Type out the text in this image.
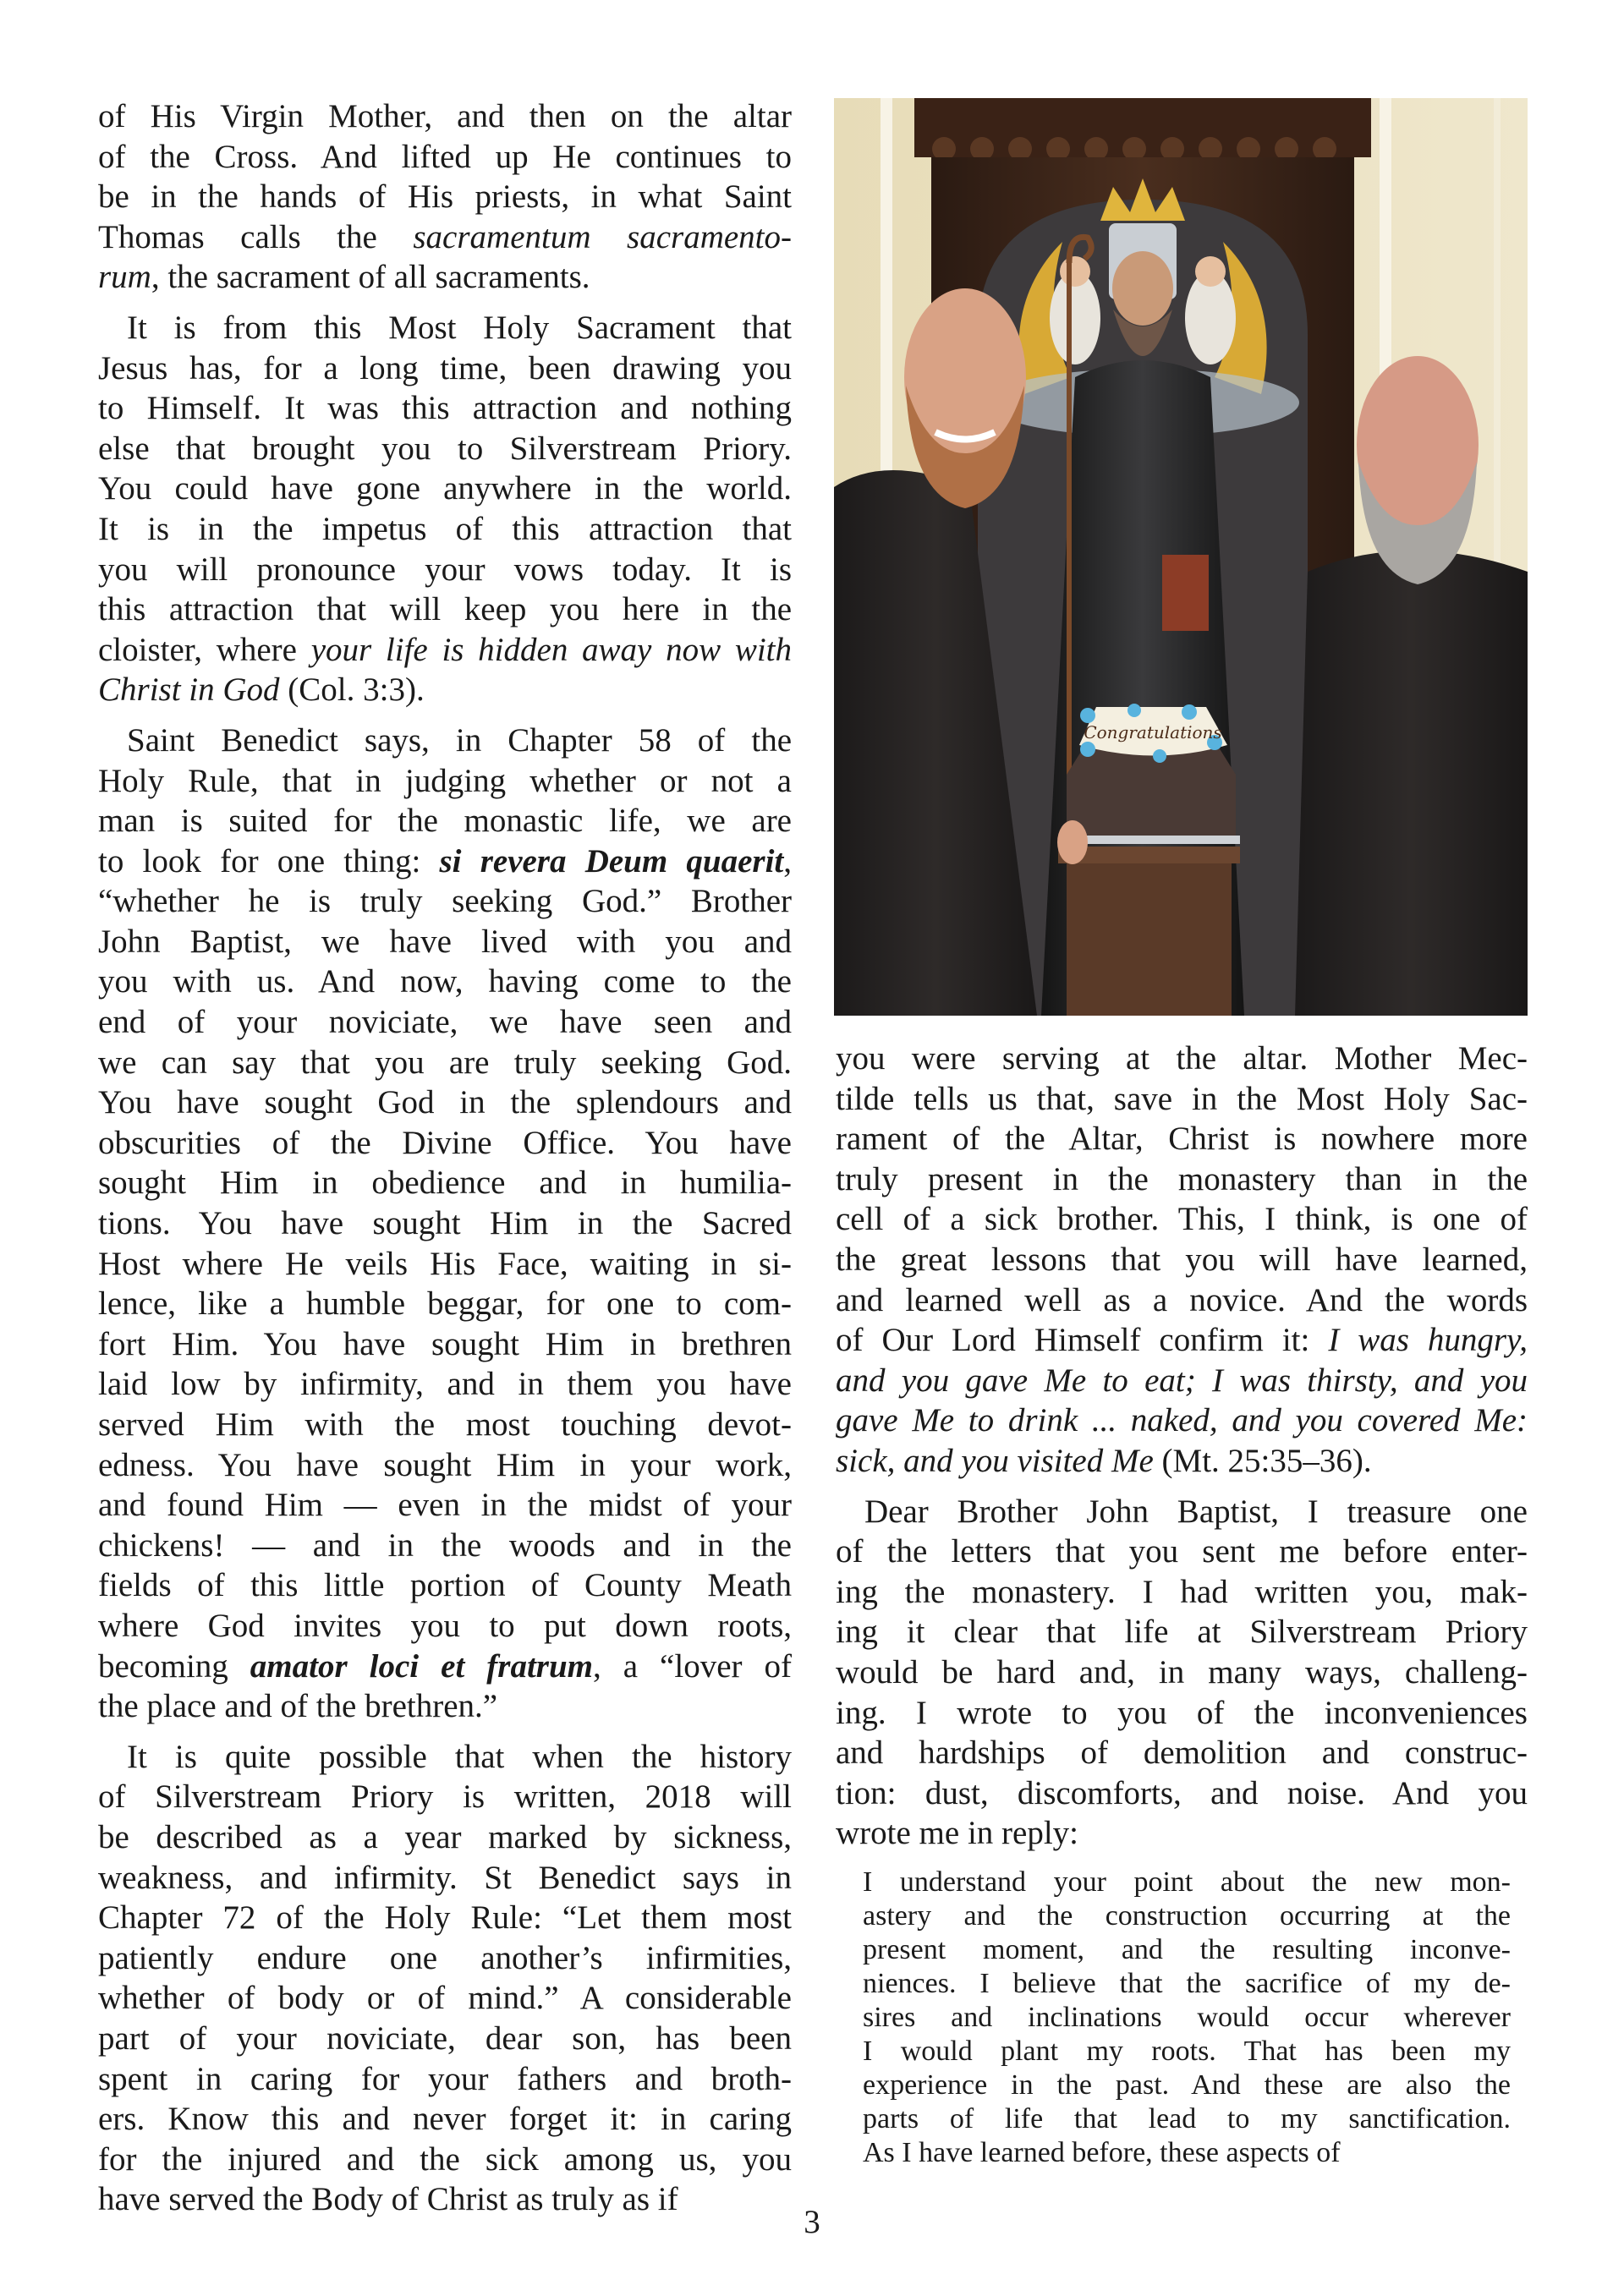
of His Virgin Mother, and then on the altar
of the Cross. And lifted up He continues to
be in the hands of His priests, in what Saint
Thomas calls the sacramentum sacramento-
rum, the sacrament of all sacraments.

It is from this Most Holy Sacrament that
Jesus has, for a long time, been drawing you
to Himself. It was this attraction and nothing
else that brought you to Silverstream Priory.
You could have gone anywhere in the world.
It is in the impetus of this attraction that
you will pronounce your vows today. It is
this attraction that will keep you here in the
cloister, where your life is hidden away now with
Christ in God (Col. 3:3).

Saint Benedict says, in Chapter 58 of the
Holy Rule, that in judging whether or not a
man is suited for the monastic life, we are
to look for one thing: si revera Deum quaerit,
“whether he is truly seeking God.” Brother
John Baptist, we have lived with you and
you with us. And now, having come to the
end of your noviciate, we have seen and
we can say that you are truly seeking God.
You have sought God in the splendours and
obscurities of the Divine Office. You have
sought Him in obedience and in humilia-
tions. You have sought Him in the Sacred
Host where He veils His Face, waiting in si-
lence, like a humble beggar, for one to com-
fort Him. You have sought Him in brethren
laid low by infirmity, and in them you have
served Him with the most touching devot-
edness. You have sought Him in your work,
and found Him — even in the midst of your
chickens! — and in the woods and in the
fields of this little portion of County Meath
where God invites you to put down roots,
becoming amator loci et fratrum, a “lover of
the place and of the brethren.”

It is quite possible that when the history
of Silverstream Priory is written, 2018 will
be described as a year marked by sickness,
weakness, and infirmity. St Benedict says in
Chapter 72 of the Holy Rule: “Let them most
patiently endure one another’s infirmities,
whether of body or of mind.” A considerable
part of your noviciate, dear son, has been
spent in caring for your fathers and broth-
ers. Know this and never forget it: in caring
for the injured and the sick among us, you
have served the Body of Christ as truly as if

Congratulations

you were serving at the altar. Mother Mec-
tilde tells us that, save in the Most Holy Sac-
rament of the Altar, Christ is nowhere more
truly present in the monastery than in the
cell of a sick brother. This, I think, is one of
the great lessons that you will have learned,
and learned well as a novice. And the words
of Our Lord Himself confirm it: I was hungry,
and you gave Me to eat; I was thirsty, and you
gave Me to drink ... naked, and you covered Me:
sick, and you visited Me (Mt. 25:35–36).

Dear Brother John Baptist, I treasure one
of the letters that you sent me before enter-
ing the monastery. I had written you, mak-
ing it clear that life at Silverstream Priory
would be hard and, in many ways, challeng-
ing. I wrote to you of the inconveniences
and hardships of demolition and construc-
tion: dust, discomforts, and noise. And you
wrote me in reply:

I understand your point about the new mon-
astery and the construction occurring at the
present moment, and the resulting inconve-
niences. I believe that the sacrifice of my de-
sires and inclinations would occur wherever
I would plant my roots. That has been my
experience in the past. And these are also the
parts of life that lead to my sanctification.
As I have learned before, these aspects of

3
